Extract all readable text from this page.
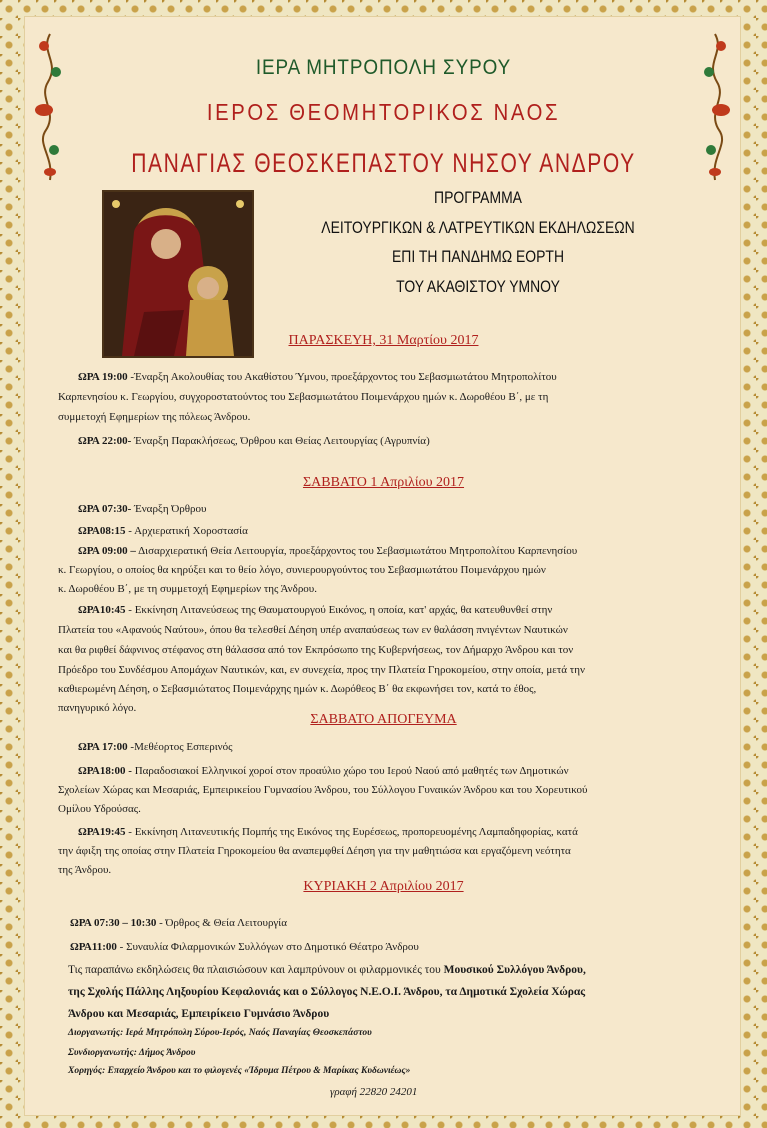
ΙΕΡΑ ΜΗΤΡΟΠΟΛΗ ΣΥΡΟΥ
ΙΕΡΟΣ ΘΕΟΜΗΤΟΡΙΚΟΣ ΝΑΟΣ
ΠΑΝΑΓΙΑΣ ΘΕΟΣΚΕΠΑΣΤΟΥ ΝΗΣΟΥ ΑΝΔΡΟΥ
ΠΡΟΓΡΑΜΜΑ
ΛΕΙΤΟΥΡΓΙΚΩΝ & ΛΑΤΡΕΥΤΙΚΩΝ ΕΚΔΗΛΩΣΕΩΝ
ΕΠΙ ΤΗ ΠΑΝΔΗΜΩ ΕΟΡΤΗ
ΤΟΥ ΑΚΑΘΙΣΤΟΥ ΥΜΝΟΥ
ΠΑΡΑΣΚΕΥΗ, 31 Μαρτίου 2017
ΩΡΑ 19:00 -Έναρξη Ακολουθίας του Ακαθίστου Ύμνου, προεξάρχοντος του Σεβασμιωτάτου Μητροπολίτου
Καρπενησίου κ. Γεωργίου, συγχοροστατούντος του Σεβασμιωτάτου Ποιμενάρχου ημών κ. Δωροθέου Β΄, με τη
συμμετοχή Εφημερίων της πόλεως Άνδρου.
ΩΡΑ 22:00- Έναρξη Παρακλήσεως, Όρθρου και Θείας Λειτουργίας (Αγρυπνία)
ΣΑΒΒΑΤΟ 1 Απριλίου 2017
ΩΡΑ 07:30- Έναρξη Όρθρου
ΩΡΑ08:15 - Αρχιερατική Χοροστασία
ΩΡΑ 09:00 – Δισαρχιερατική Θεία Λειτουργία, προεξάρχοντος του Σεβασμιωτάτου Μητροπολίτου Καρπενησίου
κ. Γεωργίου, ο οποίος θα κηρύξει και το θείο λόγο, συνιερουργούντος του Σεβασμιωτάτου Ποιμενάρχου ημών
κ. Δωροθέου Β΄, με τη συμμετοχή Εφημερίων της Άνδρου.
ΩΡΑ10:45 - Εκκίνηση Λιτανεύσεως της Θαυματουργού Εικόνος, η οποία, κατ' αρχάς, θα κατευθυνθεί στην
Πλατεία του «Αφανούς Ναύτου», όπου θα τελεσθεί Δέηση υπέρ αναπαύσεως των εν θαλάσση πνιγέντων Ναυτικών
και θα ριφθεί δάφνινος στέφανος στη θάλασσα από τον Εκπρόσωπο της Κυβερνήσεως, τον Δήμαρχο Άνδρου και τον
Πρόεδρο του Συνδέσμου Απομάχων Ναυτικών, και, εν συνεχεία, προς την Πλατεία Γηροκομείου, στην οποία, μετά την
καθιερωμένη Δέηση, ο Σεβασμιώτατος Ποιμενάρχης ημών κ. Δωρόθεος Β΄ θα εκφωνήσει τον, κατά το έθος,
πανηγυρικό λόγο.
ΣΑΒΒΑΤΟ ΑΠΟΓΕΥΜΑ
ΩΡΑ 17:00 -Μεθέορτος Εσπερινός
ΩΡΑ18:00 - Παραδοσιακοί Ελληνικοί χοροί στον προαύλιο χώρο του Ιερού Ναού από μαθητές των Δημοτικών
Σχολείων Χώρας και Μεσαριάς, Εμπειρικείου Γυμνασίου Άνδρου, του Σύλλογου Γυναικών Άνδρου και του Χορευτικού
Ομίλου Υδρούσας.
ΩΡΑ19:45 - Εκκίνηση Λιτανευτικής Πομπής της Εικόνος της Ευρέσεως, προπορευομένης Λαμπαδηφορίας, κατά
την άφιξη της οποίας στην Πλατεία Γηροκομείου θα αναπεμφθεί Δέηση για την μαθητιώσα και εργαζόμενη νεότητα
της Άνδρου.
ΚΥΡΙΑΚΗ 2 Απριλίου 2017
ΩΡΑ 07:30 – 10:30 - Όρθρος & Θεία Λειτουργία
ΩΡΑ11:00 - Συναυλία Φιλαρμονικών Συλλόγων στο Δημοτικό Θέατρο Άνδρου
Τις παραπάνω εκδηλώσεις θα πλαισιώσουν και λαμπρύνουν οι φιλαρμονικές του Μουσικού Συλλόγου Άνδρου,
της Σχολής Πάλλης Ληξουρίου Κεφαλονιάς και ο Σύλλογος Ν.Ε.Ο.Ι. Άνδρου, τα Δημοτικά Σχολεία Χώρας
Άνδρου και Μεσαριάς, Εμπειρίκειο Γυμνάσιο Άνδρου
Διοργανωτής: Ιερά Μητρόπολη Σύρου-Ιερός, Ναός Παναγίας Θεοσκεπάστου
Συνδιοργανωτής: Δήμος Άνδρου
Χορηγός: Επαρχείο Άνδρου και το φιλογενές «Ίδρυμα Πέτρου & Μαρίκας Κυδωνιέως»
γραφή 22820 24201
